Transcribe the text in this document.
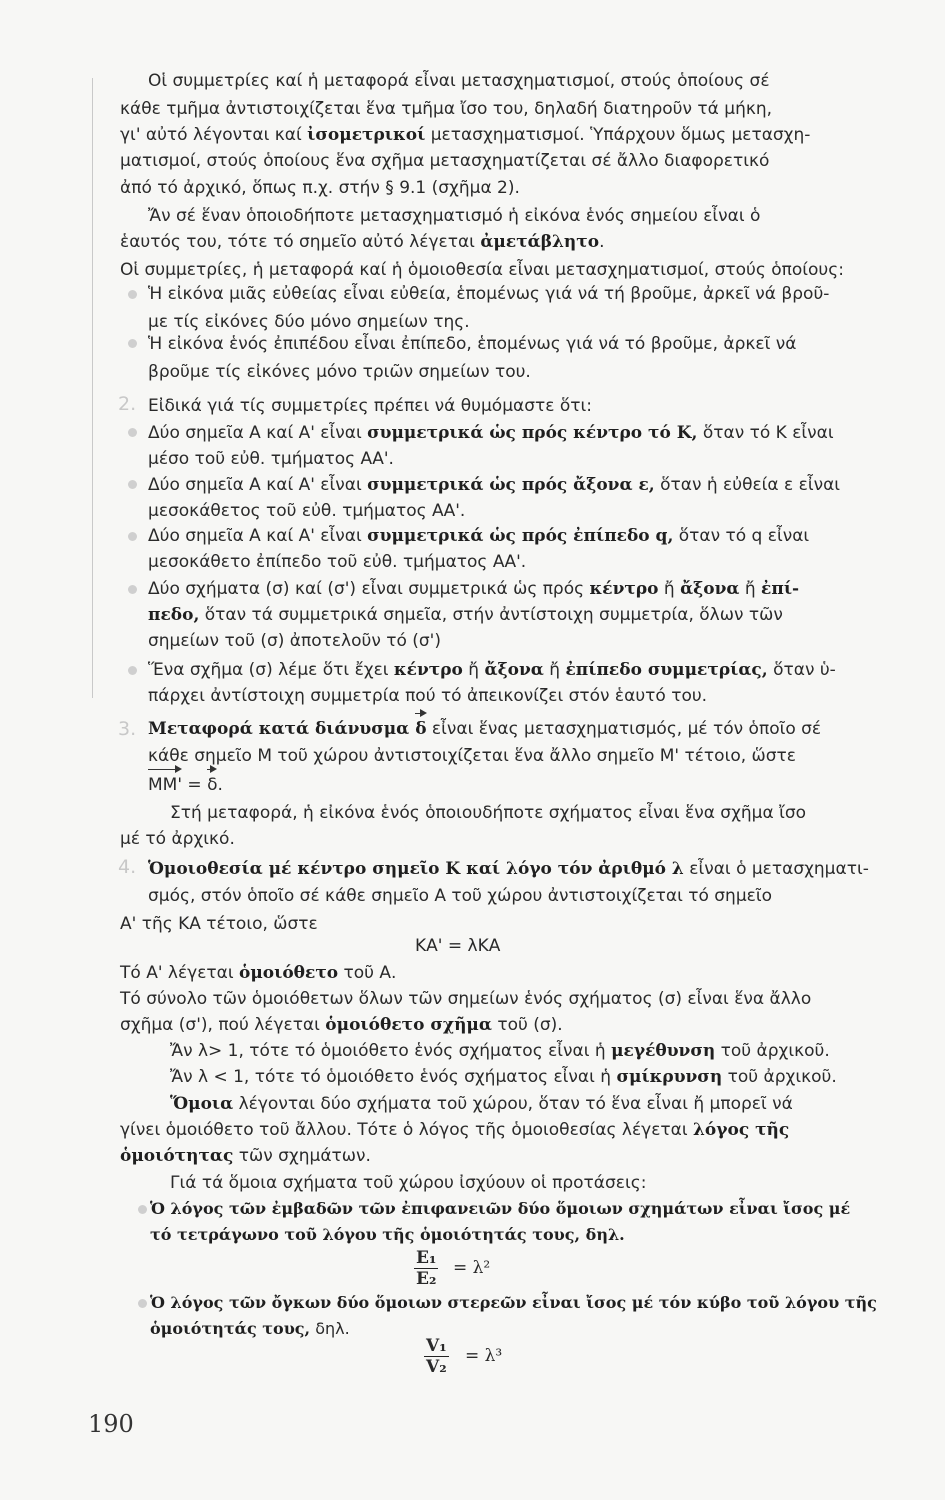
Οἱ συμμετρίες καί ἡ μεταφορά εἶναι μετασχηματισμοί, στούς ὁποίους σέ
κάθε τμῆμα ἀντιστοιχίζεται ἕνα τμῆμα ἴσο του, δηλαδή διατηροῦν τά μήκη,
γι' αὐτό λέγονται καί ἰσομετρικοί μετασχηματισμοί. Ὑπάρχουν ὅμως μετασχη-
ματισμοί, στούς ὁποίους ἕνα σχῆμα μετασχηματίζεται σέ ἄλλο διαφορετικό
ἀπό τό ἀρχικό, ὅπως π.χ. στήν § 9.1 (σχῆμα 2).
Ἄν σέ ἕναν ὁποιοδήποτε μετασχηματισμό ἡ εἰκόνα ἑνός σημείου εἶναι ὁ
ἑαυτός του, τότε τό σημεῖο αὐτό λέγεται ἀμετάβλητο.
Οἱ συμμετρίες, ἡ μεταφορά καί ἡ ὁμοιοθεσία εἶναι μετασχηματισμοί, στούς ὁποίους:
Ἡ εἰκόνα μιᾶς εὐθείας εἶναι εὐθεία, ἑπομένως γιά νά τή βροῦμε, ἀρκεῖ νά βροῦ-
με τίς εἰκόνες δύο μόνο σημείων της.
Ἡ εἰκόνα ἑνός ἐπιπέδου εἶναι ἐπίπεδο, ἑπομένως γιά νά τό βροῦμε, ἀρκεῖ νά
βροῦμε τίς εἰκόνες μόνο τριῶν σημείων του.
2. Εἰδικά γιά τίς συμμετρίες πρέπει νά θυμόμαστε ὅτι:
Δύο σημεῖα Α καί Α' εἶναι συμμετρικά ὡς πρός κέντρο τό Κ, ὅταν τό Κ εἶναι
μέσο τοῦ εὐθ. τμήματος ΑΑ'.
Δύο σημεῖα Α καί Α' εἶναι συμμετρικά ὡς πρός ἄξονα ε, ὅταν ἡ εὐθεία ε εἶναι
μεσοκάθετος τοῦ εὐθ. τμήματος ΑΑ'.
Δύο σημεῖα Α καί Α' εἶναι συμμετρικά ὡς πρός ἐπίπεδο q, ὅταν τό q εἶναι
μεσοκάθετο ἐπίπεδο τοῦ εὐθ. τμήματος ΑΑ'.
Δύο σχήματα (σ) καί (σ') εἶναι συμμετρικά ὡς πρός κέντρο ἤ ἄξονα ἤ ἐπί-
πεδο, ὅταν τά συμμετρικά σημεῖα, στήν ἀντίστοιχη συμμετρία, ὅλων τῶν
σημείων τοῦ (σ) ἀποτελοῦν τό (σ')
Ἕνα σχῆμα (σ) λέμε ὅτι ἔχει κέντρο ἤ ἄξονα ἤ ἐπίπεδο συμμετρίας, ὅταν ὑ-
πάρχει ἀντίστοιχη συμμετρία πού τό ἀπεικονίζει στόν ἑαυτό του.
3. Μεταφορά κατά διάνυσμα δ εἶναι ἕνας μετασχηματισμός, μέ τόν ὁποῖο σέ
κάθε σημεῖο Μ τοῦ χώρου ἀντιστοιχίζεται ἕνα ἄλλο σημεῖο Μ' τέτοιο, ὥστε
ΜΜ' = δ.
Στή μεταφορά, ἡ εἰκόνα ἑνός ὁποιουδήποτε σχήματος εἶναι ἕνα σχῆμα ἴσο
μέ τό ἀρχικό.
4. Ὁμοιοθεσία μέ κέντρο σημεῖο Κ καί λόγο τόν ἀριθμό λ εἶναι ὁ μετασχηματι-
σμός, στόν ὁποῖο σέ κάθε σημεῖο Α τοῦ χώρου ἀντιστοιχίζεται τό σημεῖο
Α' τῆς ΚΑ τέτοιο, ὥστε
ΚΑ' = λΚΑ
Τό Α' λέγεται ὁμοιόθετο τοῦ Α.
Τό σύνολο τῶν ὁμοιόθετων ὅλων τῶν σημείων ἑνός σχήματος (σ) εἶναι ἕνα ἄλλο
σχῆμα (σ'), πού λέγεται ὁμοιόθετο σχῆμα τοῦ (σ).
Ἄν λ> 1, τότε τό ὁμοιόθετο ἑνός σχήματος εἶναι ἡ μεγέθυνση τοῦ ἀρχικοῦ.
Ἄν λ < 1, τότε τό ὁμοιόθετο ἑνός σχήματος εἶναι ἡ σμίκρυνση τοῦ ἀρχικοῦ.
Ὅμοια λέγονται δύο σχήματα τοῦ χώρου, ὅταν τό ἕνα εἶναι ἤ μπορεῖ νά
γίνει ὁμοιόθετο τοῦ ἄλλου. Τότε ὁ λόγος τῆς ὁμοιοθεσίας λέγεται λόγος τῆς
ὁμοιότητας τῶν σχημάτων.
Γιά τά ὅμοια σχήματα τοῦ χώρου ἰσχύουν οἱ προτάσεις:
Ὁ λόγος τῶν ἐμβαδῶν τῶν ἐπιφανειῶν δύο ὅμοιων σχημάτων εἶναι ἴσος μέ
τό τετράγωνο τοῦ λόγου τῆς ὁμοιότητάς τους, δηλ.
$\frac{\text{E₁}}{\text{E₂}} = \lambda^2$
Ὁ λόγος τῶν ὄγκων δύο ὅμοιων στερεῶν εἶναι ἴσος μέ τόν κύβο τοῦ λόγου τῆς
ὁμοιότητάς τους, δηλ.
$\frac{\text{V₁}}{\text{V₂}} = \lambda^3$
190
